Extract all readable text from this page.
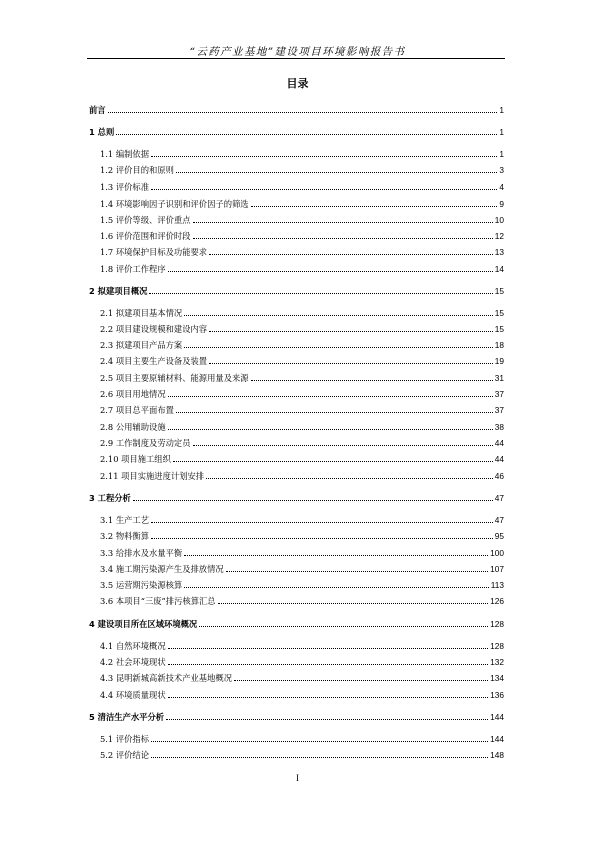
“云药产业基地”建设项目环境影响报告书
目录
前言	1
1 总则	1
1.1 编制依据	1
1.2 评价目的和原则	3
1.3 评价标准	4
1.4 环境影响因子识别和评价因子的筛选	9
1.5 评价等级、评价重点	10
1.6 评价范围和评价时段	12
1.7 环境保护目标及功能要求	13
1.8 评价工作程序	14
2 拟建项目概况	15
2.1 拟建项目基本情况	15
2.2 项目建设规模和建设内容	15
2.3 拟建项目产品方案	18
2.4 项目主要生产设备及装置	19
2.5 项目主要原辅材料、能源用量及来源	31
2.6 项目用地情况	37
2.7 项目总平面布置	37
2.8 公用辅助设施	38
2.9 工作制度及劳动定员	44
2.10 项目施工组织	44
2.11 项目实施进度计划安排	46
3 工程分析	47
3.1 生产工艺	47
3.2 物料衡算	95
3.3 给排水及水量平衡	100
3.4 施工期污染源产生及排放情况	107
3.5 运营期污染源核算	113
3.6 本项目“三废”排污核算汇总	126
4 建设项目所在区域环境概况	128
4.1 自然环境概况	128
4.2 社会环境现状	132
4.3 昆明新城高新技术产业基地概况	134
4.4 环境质量现状	136
5 清洁生产水平分析	144
5.1 评价指标	144
5.2 评价结论	148
I
